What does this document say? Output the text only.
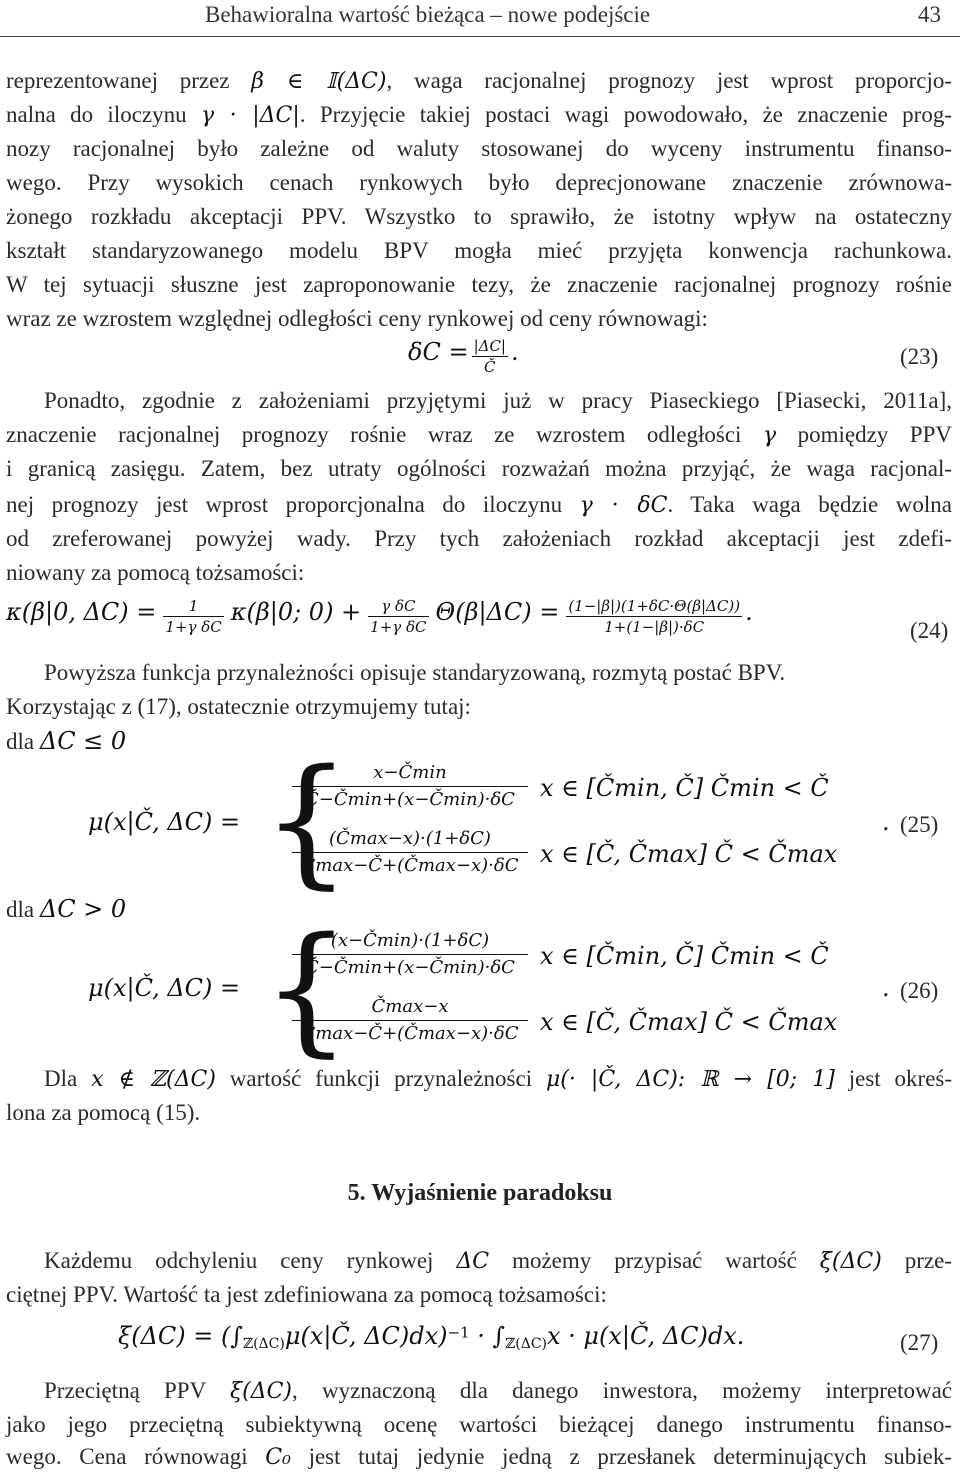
Behawioralna wartość bieżąca – nowe podejście	43
reprezentowanej przez β ∈ 𝕀(ΔC), waga racjonalnej prognozy jest wprost proporcjo-
nalna do iloczynu γ · |ΔC|. Przyjęcie takiej postaci wagi powodowało, że znaczenie prog-
nozy racjonalnej było zależne od waluty stosowanej do wyceny instrumentu finanso-
wego. Przy wysokich cenach rynkowych było deprecjonowane znaczenie zrównowa-
żonego rozkładu akceptacji PPV. Wszystko to sprawiło, że istotny wpływ na ostateczny
kształt standaryzowanego modelu BPV mogła mieć przyjęta konwencja rachunkowa.
W tej sytuacji słuszne jest zaproponowanie tezy, że znaczenie racjonalnej prognozy rośnie
wraz ze wzrostem względnej odległości ceny rynkowej od ceny równowagi:
$\delta C = \frac{|\Delta C|}{Č}$ .	(23)
Ponadto, zgodnie z założeniami przyjętymi już w pracy Piaseckiego [Piasecki, 2011a],
znaczenie racjonalnej prognozy rośnie wraz ze wzrostem odległości γ pomiędzy PPV
i granicą zasięgu. Zatem, bez utraty ogólności rozważań można przyjąć, że waga racjonal-
nej prognozy jest wprost proporcjonalna do iloczynu γ · δC. Taka waga będzie wolna
od zreferowanej powyżej wady. Przy tych założeniach rozkład akceptacji jest zdefi-
niowany za pomocą tożsamości:
κ(β|0, $\Delta C) = \frac{1}{\text{1+γ δC}} \kappa(\beta|0$; $0) + \frac{\text{γ δC}}{\text{1+γ δC}} \Theta(\beta|\Delta C) = \frac{(1-|\beta|)(1+\delta C\cdot\Theta(\beta|\Delta C))}{1+(1-|\beta|)\cdot\delta C}$ .
(24)
Powyższa funkcja przynależności opisuje standaryzowaną, rozmytą postać BPV.
Korzystając z (17), ostatecznie otrzymujemy tutaj:
dla ΔC ≤ 0
μ(x|Č, ΔC) = {	x−Čmin
Č−Čmin+(x−Čmin)·δC	x ∈ [Čmin, Č] Čmin < Č
(Čmax−x)·(1+δC)
Čmax−Č+(Čmax−x)·δC x ∈ [Č, Čmax] Č < Čmax
. (25)
dla ΔC > 0
μ(x|Č, ΔC) = {
(x−Čmin)·(1+δC)
Č−Čmin+(x−Čmin)·δC	x ∈ [Čmin, Č] Čmin < Č
Čmax−x
Čmax−Č+(Čmax−x)·δC x ∈ [Č, Čmax] Č < Čmax
. (26)
Dla x ∉ ℤ(ΔC) wartość funkcji przynależności μ(· |Č, ΔC): ℝ → [0; 1] jest okreś-
lona za pomocą (15).
5. Wyjaśnienie paradoksu
Każdemu odchyleniu ceny rynkowej ΔC możemy przypisać wartość ξ(ΔC) prze-
ciętnej PPV. Wartość ta jest zdefiniowana za pomocą tożsamości:
$\xi(\Delta C) = (\int_{ℤ(\Delta C)}\mu(x|Č$, $\Delta C)dx)^{-1} \cdot \int_{ℤ(\Delta C)}x$ · μ(x|Č, ΔC)dx.	(27)
Przeciętną PPV ξ(ΔC), wyznaczoną dla danego inwestora, możemy interpretować
jako jego przeciętną subiektywną ocenę wartości bieżącej danego instrumentu finanso-
wego. Cena równowagi C₀ jest tutaj jedynie jedną z przesłanek determinujących subiek-
